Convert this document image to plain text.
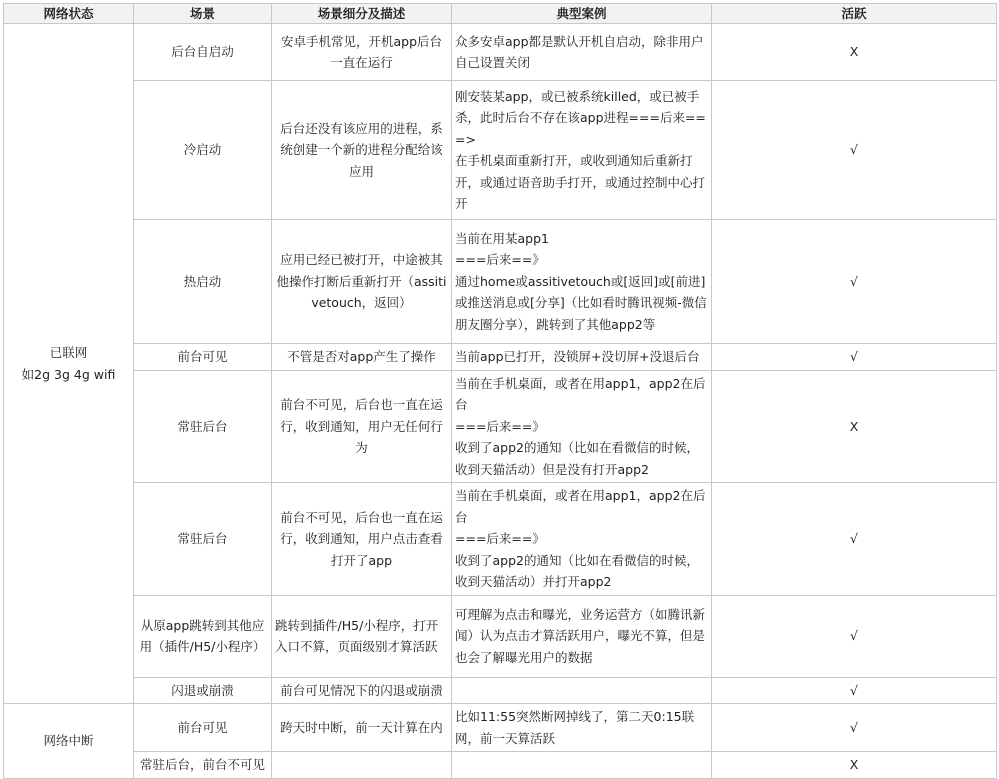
网络状态	场景	场景细分及描述	典型案例	活跃
已联网
如2g 3g 4g wifi	后台自启动	安卓手机常见，开机app后台一直在运行	众多安卓app都是默认开机自启动，除非用户自己设置关闭	X
	冷启动	后台还没有该应用的进程，系统创建一个新的进程分配给该应用	刚安装某app，或已被系统killed，或已被手杀，此时后台不存在该app进程===后来===>
在手机桌面重新打开，或收到通知后重新打开，或通过语音助手打开，或通过控制中心打开	√
	热启动	应用已经已被打开，中途被其他操作打断后重新打开（assitivetouch，返回）	当前在用某app1
===后来==》
通过home或assitivetouch或[返回]或[前进]或推送消息或[分享]（比如看时腾讯视频-微信朋友圈分享），跳转到了其他app2等	√
	前台可见	不管是否对app产生了操作	当前app已打开，没锁屏+没切屏+没退后台	√
	常驻后台	前台不可见，后台也一直在运行，收到通知，用户无任何行为	当前在手机桌面，或者在用app1，app2在后台
===后来==》
收到了app2的通知（比如在看微信的时候，收到天猫活动）但是没有打开app2	X
	常驻后台	前台不可见，后台也一直在运行，收到通知，用户点击查看打开了app	当前在手机桌面，或者在用app1，app2在后台
===后来==》
收到了app2的通知（比如在看微信的时候，收到天猫活动）并打开app2	√
	从原app跳转到其他应用（插件/H5/小程序）	跳转到插件/H5/小程序，打开入口不算，页面级别才算活跃	可理解为点击和曝光，业务运营方（如腾讯新闻）认为点击才算活跃用户，曝光不算，但是也会了解曝光用户的数据	√
	闪退或崩溃	前台可见情况下的闪退或崩溃		√
网络中断	前台可见	跨天时中断，前一天计算在内	比如11:55突然断网掉线了，第二天0:15联网，前一天算活跃	√
	常驻后台，前台不可见			X
